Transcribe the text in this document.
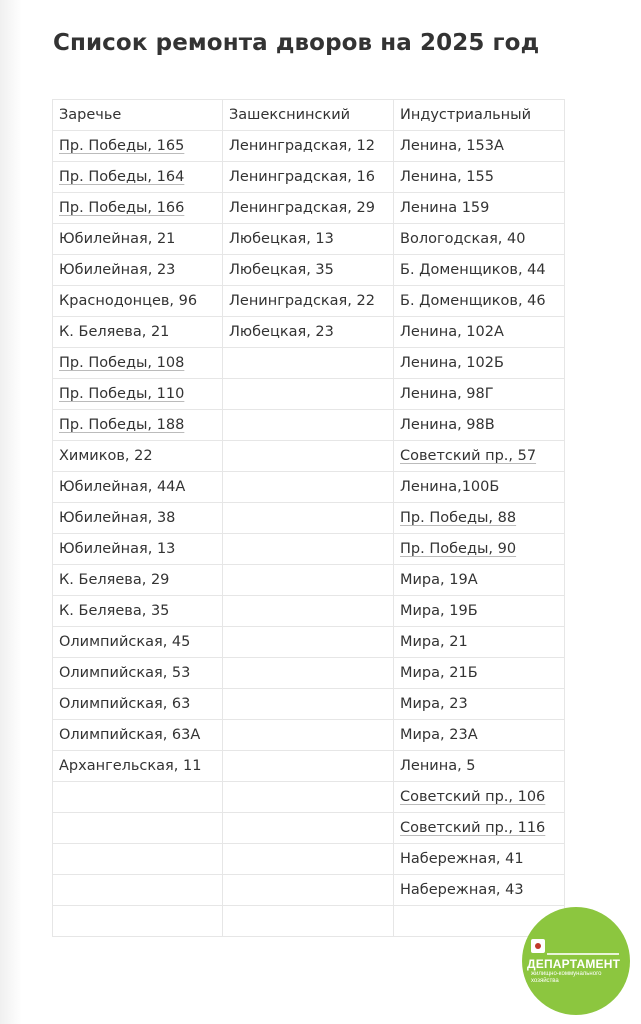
Список ремонта дворов на 2025 год
Заречье	Зашекснинский	Индустриальный
Пр. Победы, 165	Ленинградская, 12	Ленина, 153А
Пр. Победы, 164	Ленинградская, 16	Ленина, 155
Пр. Победы, 166	Ленинградская, 29	Ленина 159
Юбилейная, 21	Любецкая, 13	Вологодская, 40
Юбилейная, 23	Любецкая, 35	Б. Доменщиков, 44
Краснодонцев, 96	Ленинградская, 22	Б. Доменщиков, 46
К. Беляева, 21	Любецкая, 23	Ленина, 102А
Пр. Победы, 108		Ленина, 102Б
Пр. Победы, 110		Ленина, 98Г
Пр. Победы, 188		Ленина, 98В
Химиков, 22		Советский пр., 57
Юбилейная, 44А		Ленина,100Б
Юбилейная, 38		Пр. Победы, 88
Юбилейная, 13		Пр. Победы, 90
К. Беляева, 29		Мира, 19А
К. Беляева, 35		Мира, 19Б
Олимпийская, 45		Мира, 21
Олимпийская, 53		Мира, 21Б
Олимпийская, 63		Мира, 23
Олимпийская, 63А		Мира, 23А
Архангельская, 11		Ленина, 5
		Советский пр., 106
		Советский пр., 116
		Набережная, 41
		Набережная, 43

ДЕПАРТАМЕНТ
жилищно-коммунального хозяйства
